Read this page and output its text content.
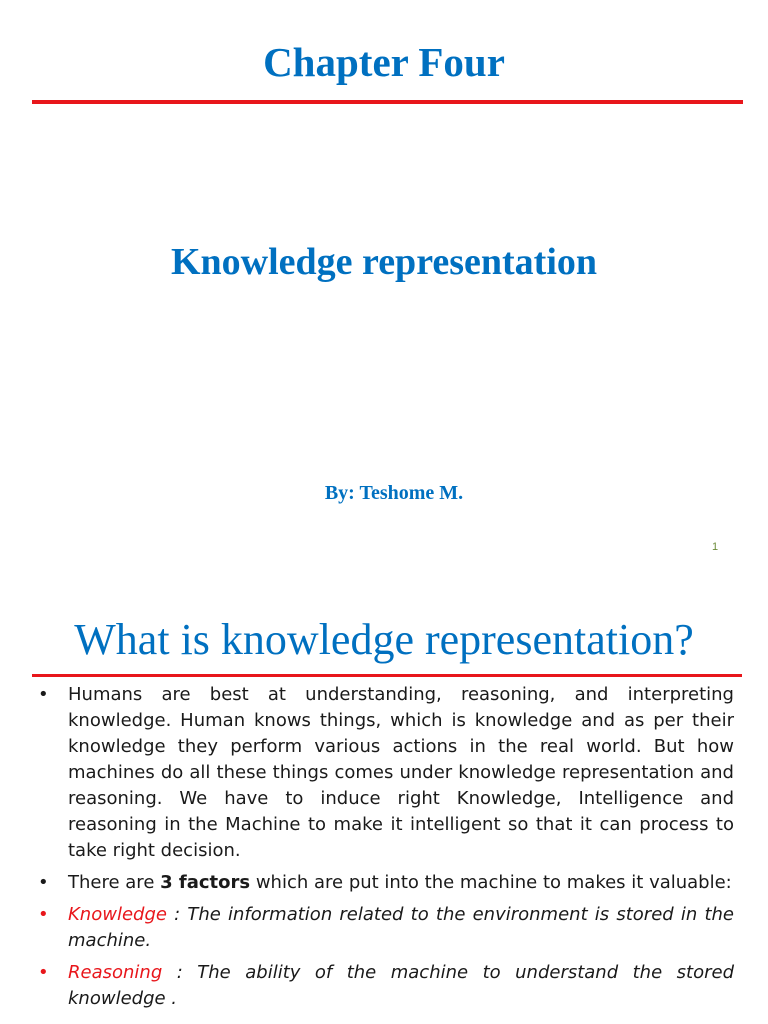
Chapter Four
Knowledge representation
By: Teshome M.
1
What is knowledge representation?
• Humans are best at understanding, reasoning, and interpreting knowledge. Human knows things, which is knowledge and as per their knowledge they perform various actions in the real world. But how machines do all these things comes under knowledge representation and reasoning. We have to induce right Knowledge, Intelligence and reasoning in the Machine to make it intelligent so that it can process to take right decision.
• There are 3 factors which are put into the machine to makes it valuable:
• Knowledge : The information related to the environment is stored in the machine.
• Reasoning : The ability of the machine to understand the stored knowledge .
